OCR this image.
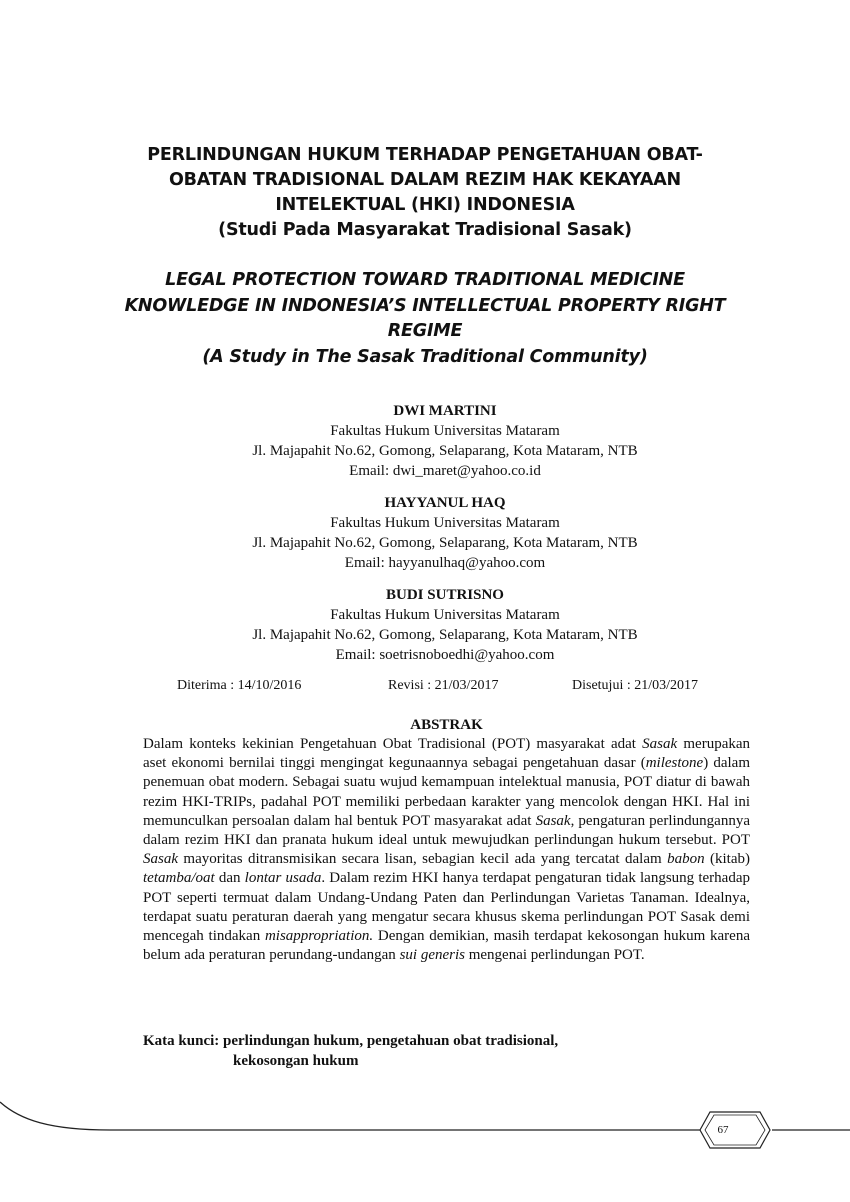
PERLINDUNGAN HUKUM TERHADAP PENGETAHUAN OBAT-
OBATAN TRADISIONAL DALAM REZIM HAK KEKAYAAN
INTELEKTUAL (HKI) INDONESIA
(Studi Pada Masyarakat Tradisional Sasak)
LEGAL PROTECTION TOWARD TRADITIONAL MEDICINE
KNOWLEDGE IN INDONESIA’S INTELLECTUAL PROPERTY RIGHT
REGIME
(A Study in The Sasak Traditional Community)
DWI MARTINI
Fakultas Hukum Universitas Mataram
Jl. Majapahit No.62, Gomong, Selaparang, Kota Mataram, NTB
Email: dwi_maret@yahoo.co.id
HAYYANUL HAQ
Fakultas Hukum Universitas Mataram
Jl. Majapahit No.62, Gomong, Selaparang, Kota Mataram, NTB
Email: hayyanulhaq@yahoo.com
BUDI SUTRISNO
Fakultas Hukum Universitas Mataram
Jl. Majapahit No.62, Gomong, Selaparang, Kota Mataram, NTB
Email: soetrisnoboedhi@yahoo.com
Diterima : 14/10/2016	Revisi : 21/03/2017	Disetujui : 21/03/2017
ABSTRAK

Dalam konteks kekinian Pengetahuan Obat Tradisional (POT) masyarakat adat Sasak merupakan aset ekonomi bernilai tinggi mengingat kegunaannya sebagai pengetahuan dasar (milestone) dalam penemuan obat modern. Sebagai suatu wujud kemampuan intelektual manusia, POT diatur di bawah rezim HKI-TRIPs, padahal POT memiliki perbedaan karakter yang mencolok dengan HKI. Hal ini memunculkan persoalan dalam hal bentuk POT masyarakat adat Sasak, pengaturan perlindungannya dalam rezim HKI dan pranata hukum ideal untuk mewujudkan perlindungan hukum tersebut. POT Sasak mayoritas ditransmisikan secara lisan, sebagian kecil ada yang tercatat dalam babon (kitab) tetamba/oat dan lontar usada. Dalam rezim HKI hanya terdapat pengaturan tidak langsung terhadap POT seperti termuat dalam Undang-Undang Paten dan Perlindungan Varietas Tanaman. Idealnya, terdapat suatu peraturan daerah yang mengatur secara khusus skema perlindungan POT Sasak demi mencegah tindakan misappropriation. Dengan demikian, masih terdapat kekosongan hukum karena belum ada peraturan perundang-undangan sui generis mengenai perlindungan POT.

Kata kunci: perlindungan hukum, pengetahuan obat tradisional,
kekosongan hukum
67
